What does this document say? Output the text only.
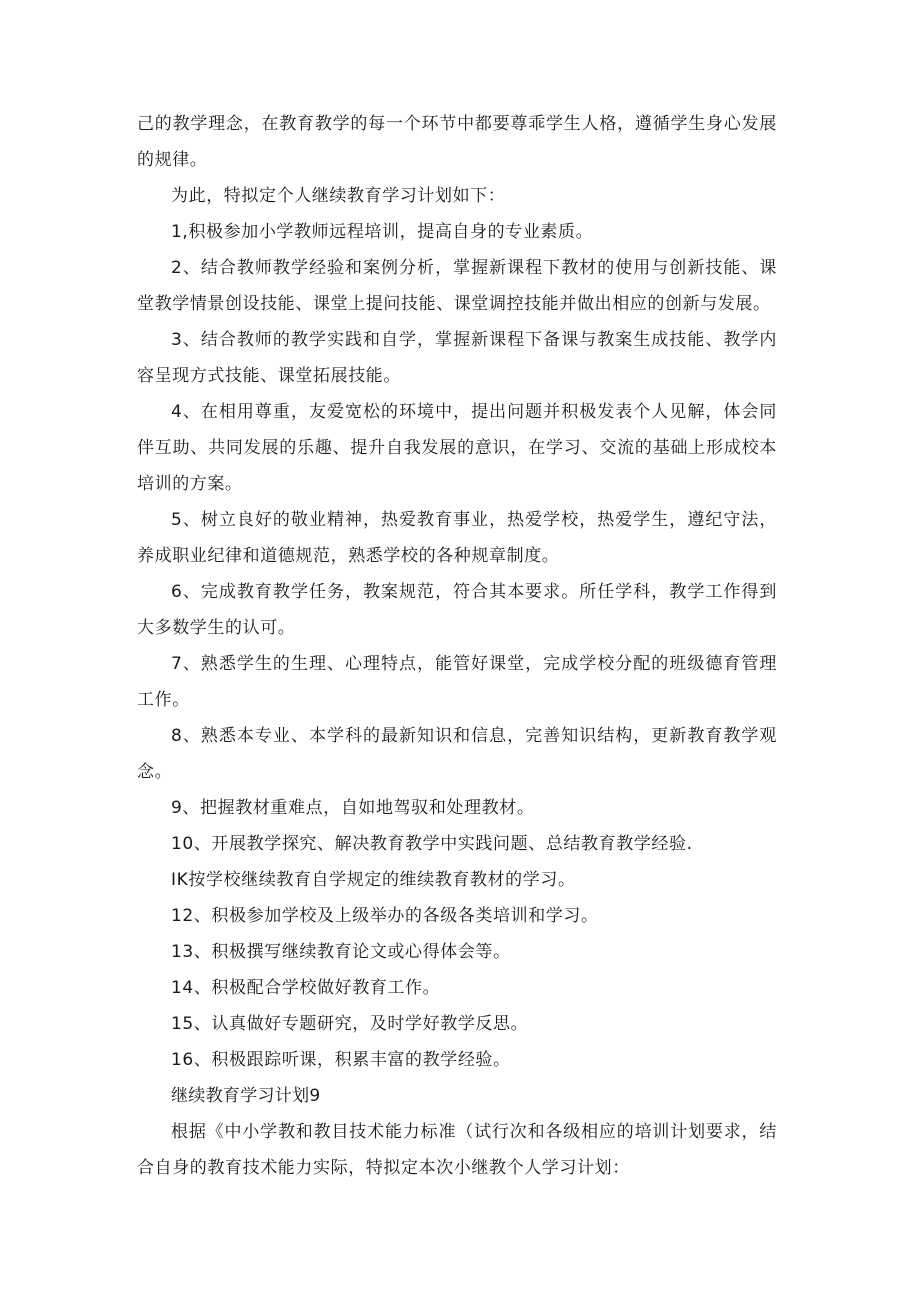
己的教学理念，在教育教学的每一个环节中都要尊乖学生人格，遵循学生身心发展的规律。

为此，特拟定个人继续教育学习计划如下：

1,积极参加小学教师远程培训，提高自身的专业素质。

2、结合教师教学经验和案例分析，掌握新课程下教材的使用与创新技能、课堂教学情景创设技能、课堂上提问技能、课堂调控技能并做出相应的创新与发展。

3、结合教师的教学实践和自学，掌握新课程下备课与教案生成技能、教学内容呈现方式技能、课堂拓展技能。

4、在相用尊重，友爱宽松的环境中，提出问题并积极发表个人见解，体会同伴互助、共同发展的乐趣、提升自我发展的意识，在学习、交流的基础上形成校本培训的方案。

5、树立良好的敬业精神，热爱教育事业，热爱学校，热爱学生，遵纪守法，养成职业纪律和道德规范，熟悉学校的各种规章制度。

6、完成教育教学任务，教案规范，符合其本要求。所任学科，教学工作得到大多数学生的认可。

7、熟悉学生的生理、心理特点，能管好课堂，完成学校分配的班级德育管理工作。

8、熟悉本专业、本学科的最新知识和信息，完善知识结构，更新教育教学观念。

9、把握教材重难点，自如地驾驭和处理教材。

10、开展教学探究、解决教育教学中实践问题、总结教育教学经验.

IK按学校继续教育自学规定的维续教育教材的学习。

12、积极参加学校及上级举办的各级各类培训和学习。

13、积极撰写继续教育论文或心得体会等。

14、积极配合学校做好教育工作。

15、认真做好专题研究，及时学好教学反思。

16、积极跟踪听课，积累丰富的教学经验。

继续教育学习计划9

根据《中小学教和教目技术能力标准（试行次和各级相应的培训计划要求，结合自身的教育技术能力实际，特拟定本次小继教个人学习计划：
